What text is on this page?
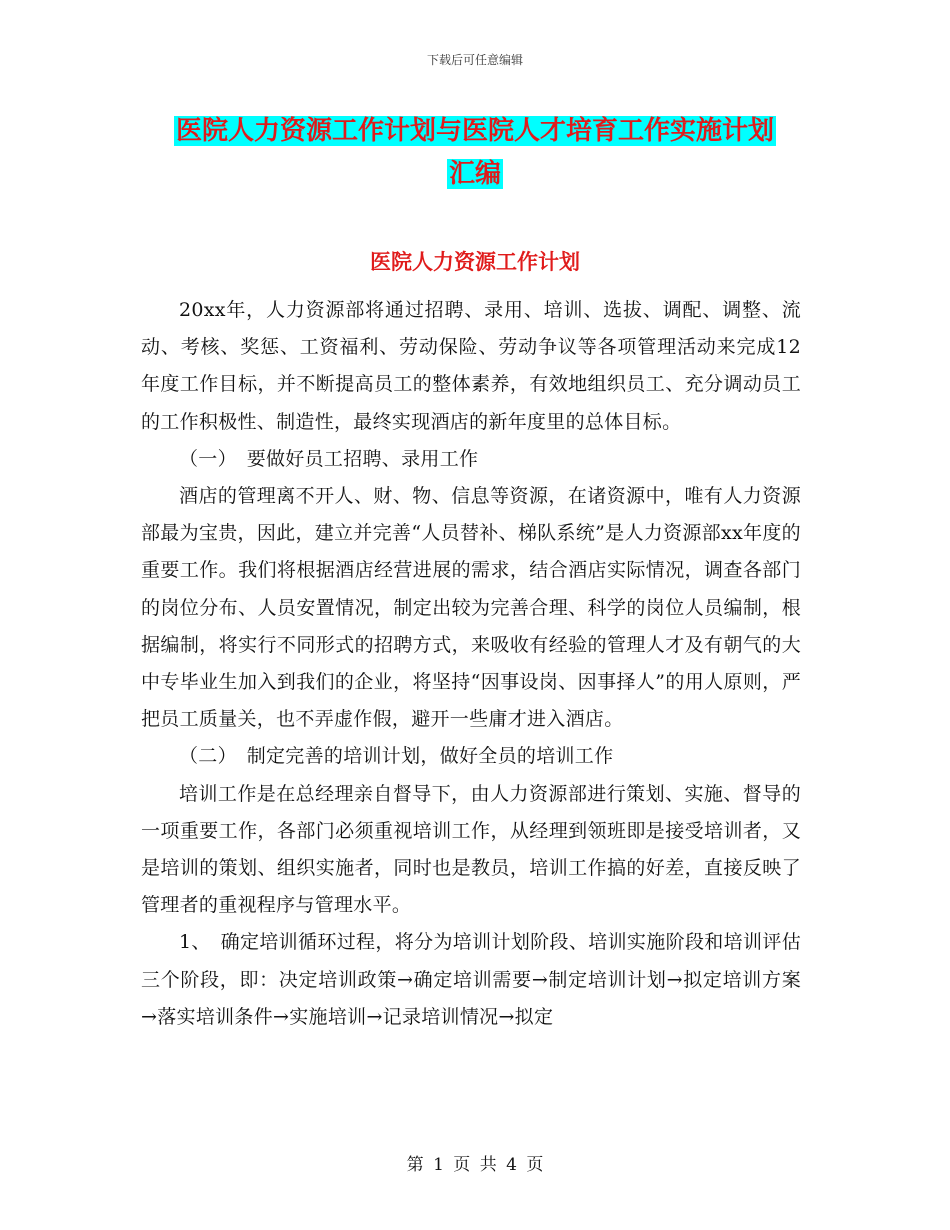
下载后可任意编辑
医院人力资源工作计划与医院人才培育工作实施计划
汇编
医院人力资源工作计划

20xx年，人力资源部将通过招聘、录用、培训、选拔、调配、调整、流动、考核、奖惩、工资福利、劳动保险、劳动争议等各项管理活动来完成12年度工作目标，并不断提高员工的整体素养，有效地组织员工、充分调动员工的工作积极性、制造性，最终实现酒店的新年度里的总体目标。

（一）　要做好员工招聘、录用工作

酒店的管理离不开人、财、物、信息等资源，在诸资源中，唯有人力资源部最为宝贵，因此，建立并完善“人员替补、梯队系统”是人力资源部xx年度的重要工作。我们将根据酒店经营进展的需求，结合酒店实际情况，调查各部门的岗位分布、人员安置情况，制定出较为完善合理、科学的岗位人员编制，根据编制，将实行不同形式的招聘方式，来吸收有经验的管理人才及有朝气的大中专毕业生加入到我们的企业，将坚持“因事设岗、因事择人”的用人原则，严把员工质量关，也不弄虚作假，避开一些庸才进入酒店。

（二）　制定完善的培训计划，做好全员的培训工作

培训工作是在总经理亲自督导下，由人力资源部进行策划、实施、督导的一项重要工作，各部门必须重视培训工作，从经理到领班即是接受培训者，又是培训的策划、组织实施者，同时也是教员，培训工作搞的好差，直接反映了管理者的重视程序与管理水平。

1、　确定培训循环过程，将分为培训计划阶段、培训实施阶段和培训评估三个阶段，即：决定培训政策→确定培训需要→制定培训计划→拟定培训方案→落实培训条件→实施培训→记录培训情况→拟定

第 1 页 共 4 页
